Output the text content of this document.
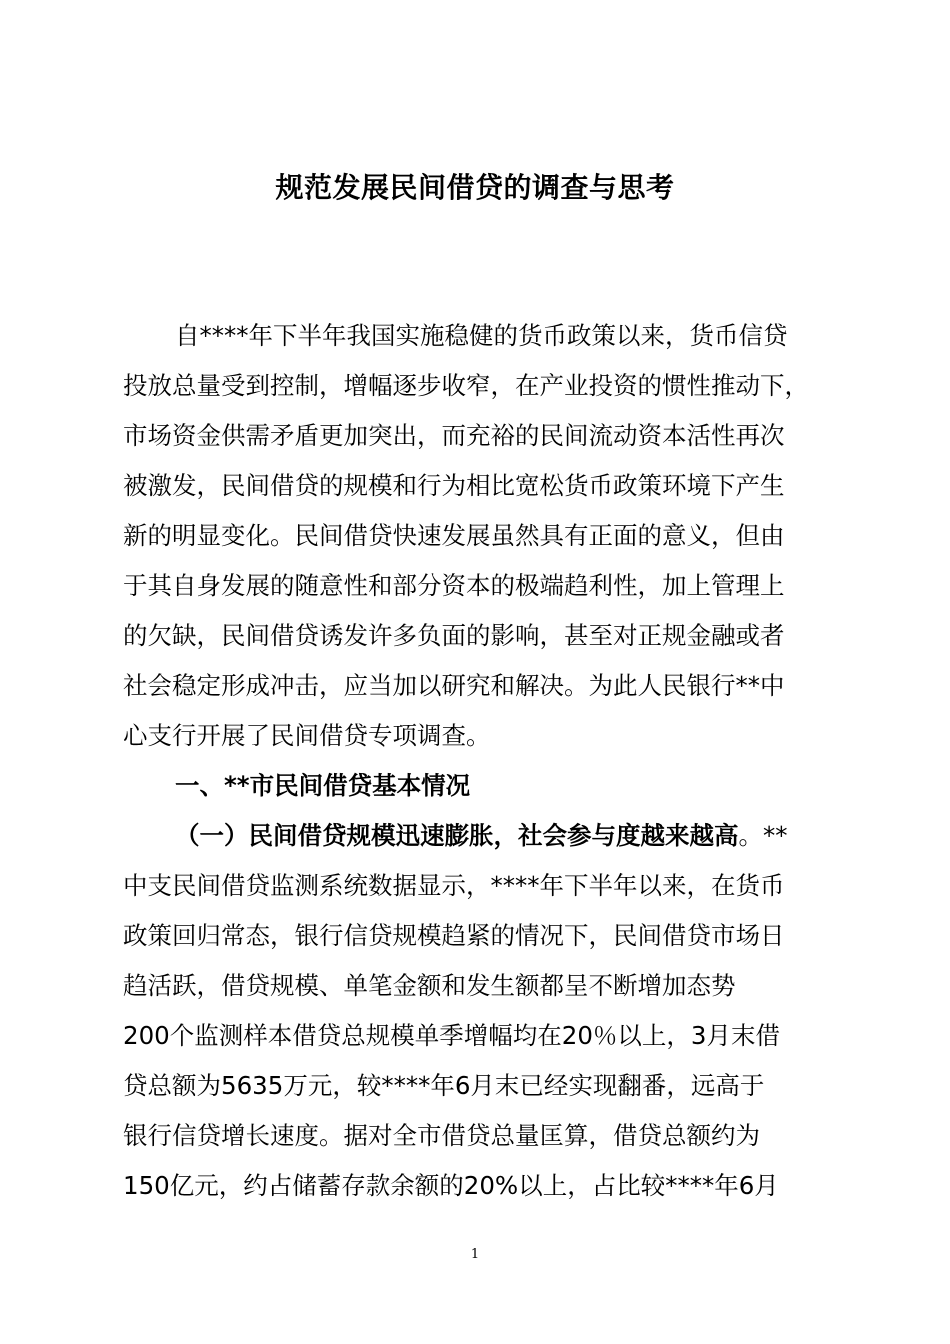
规范发展民间借贷的调查与思考
自****年下半年我国实施稳健的货币政策以来，货币信贷
投放总量受到控制，增幅逐步收窄，在产业投资的惯性推动下，
市场资金供需矛盾更加突出，而充裕的民间流动资本活性再次
被激发，民间借贷的规模和行为相比宽松货币政策环境下产生
新的明显变化。民间借贷快速发展虽然具有正面的意义，但由
于其自身发展的随意性和部分资本的极端趋利性，加上管理上
的欠缺，民间借贷诱发许多负面的影响，甚至对正规金融或者
社会稳定形成冲击，应当加以研究和解决。为此人民银行**中
心支行开展了民间借贷专项调查。
一、**市民间借贷基本情况
（一）民间借贷规模迅速膨胀，社会参与度越来越高。**
中支民间借贷监测系统数据显示，****年下半年以来，在货币
政策回归常态，银行信贷规模趋紧的情况下，民间借贷市场日
趋活跃，借贷规模、单笔金额和发生额都呈不断增加态势
200个监测样本借贷总规模单季增幅均在20％以上，3月末借
贷总额为5635万元，较****年6月末已经实现翻番，远高于
银行信贷增长速度。据对全市借贷总量匡算，借贷总额约为
150亿元，约占储蓄存款余额的20%以上，占比较****年6月
1
